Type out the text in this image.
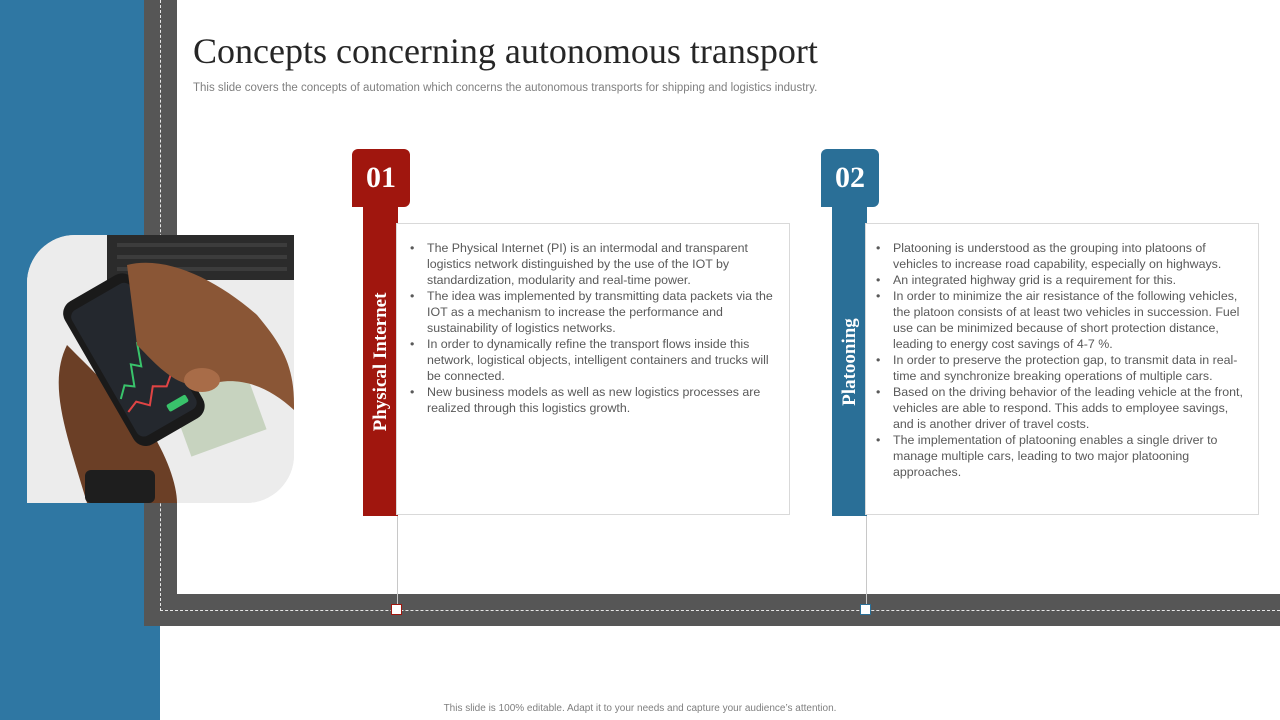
Concepts concerning autonomous transport

This slide covers the concepts of automation which concerns the autonomous transports for shipping and logistics industry.

Physical Internet
01
• The Physical Internet (PI) is an intermodal and transparent logistics network distinguished by the use of the IOT by standardization, modularity and real-time power.
• The idea was implemented by transmitting data packets via the IOT as a mechanism to increase the performance and sustainability of logistics networks.
• In order to dynamically refine the transport flows inside this network, logistical objects, intelligent containers and trucks will be connected.
• New business models as well as new logistics processes are realized through this logistics growth.
Platooning
02
• Platooning is understood as the grouping into platoons of vehicles to increase road capability, especially on highways.
• An integrated highway grid is a requirement for this.
• In order to minimize the air resistance of the following vehicles, the platoon consists of at least two vehicles in succession. Fuel use can be minimized because of short protection distance, leading to energy cost savings of 4-7 %.
• In order to preserve the protection gap, to transmit data in real-time and synchronize breaking operations of multiple cars.
• Based on the driving behavior of the leading vehicle at the front, vehicles are able to respond. This adds to employee savings, and is another driver of travel costs.
• The implementation of platooning enables a single driver to manage multiple cars, leading to two major platooning approaches.

This slide is 100% editable. Adapt it to your needs and capture your audience’s attention.
